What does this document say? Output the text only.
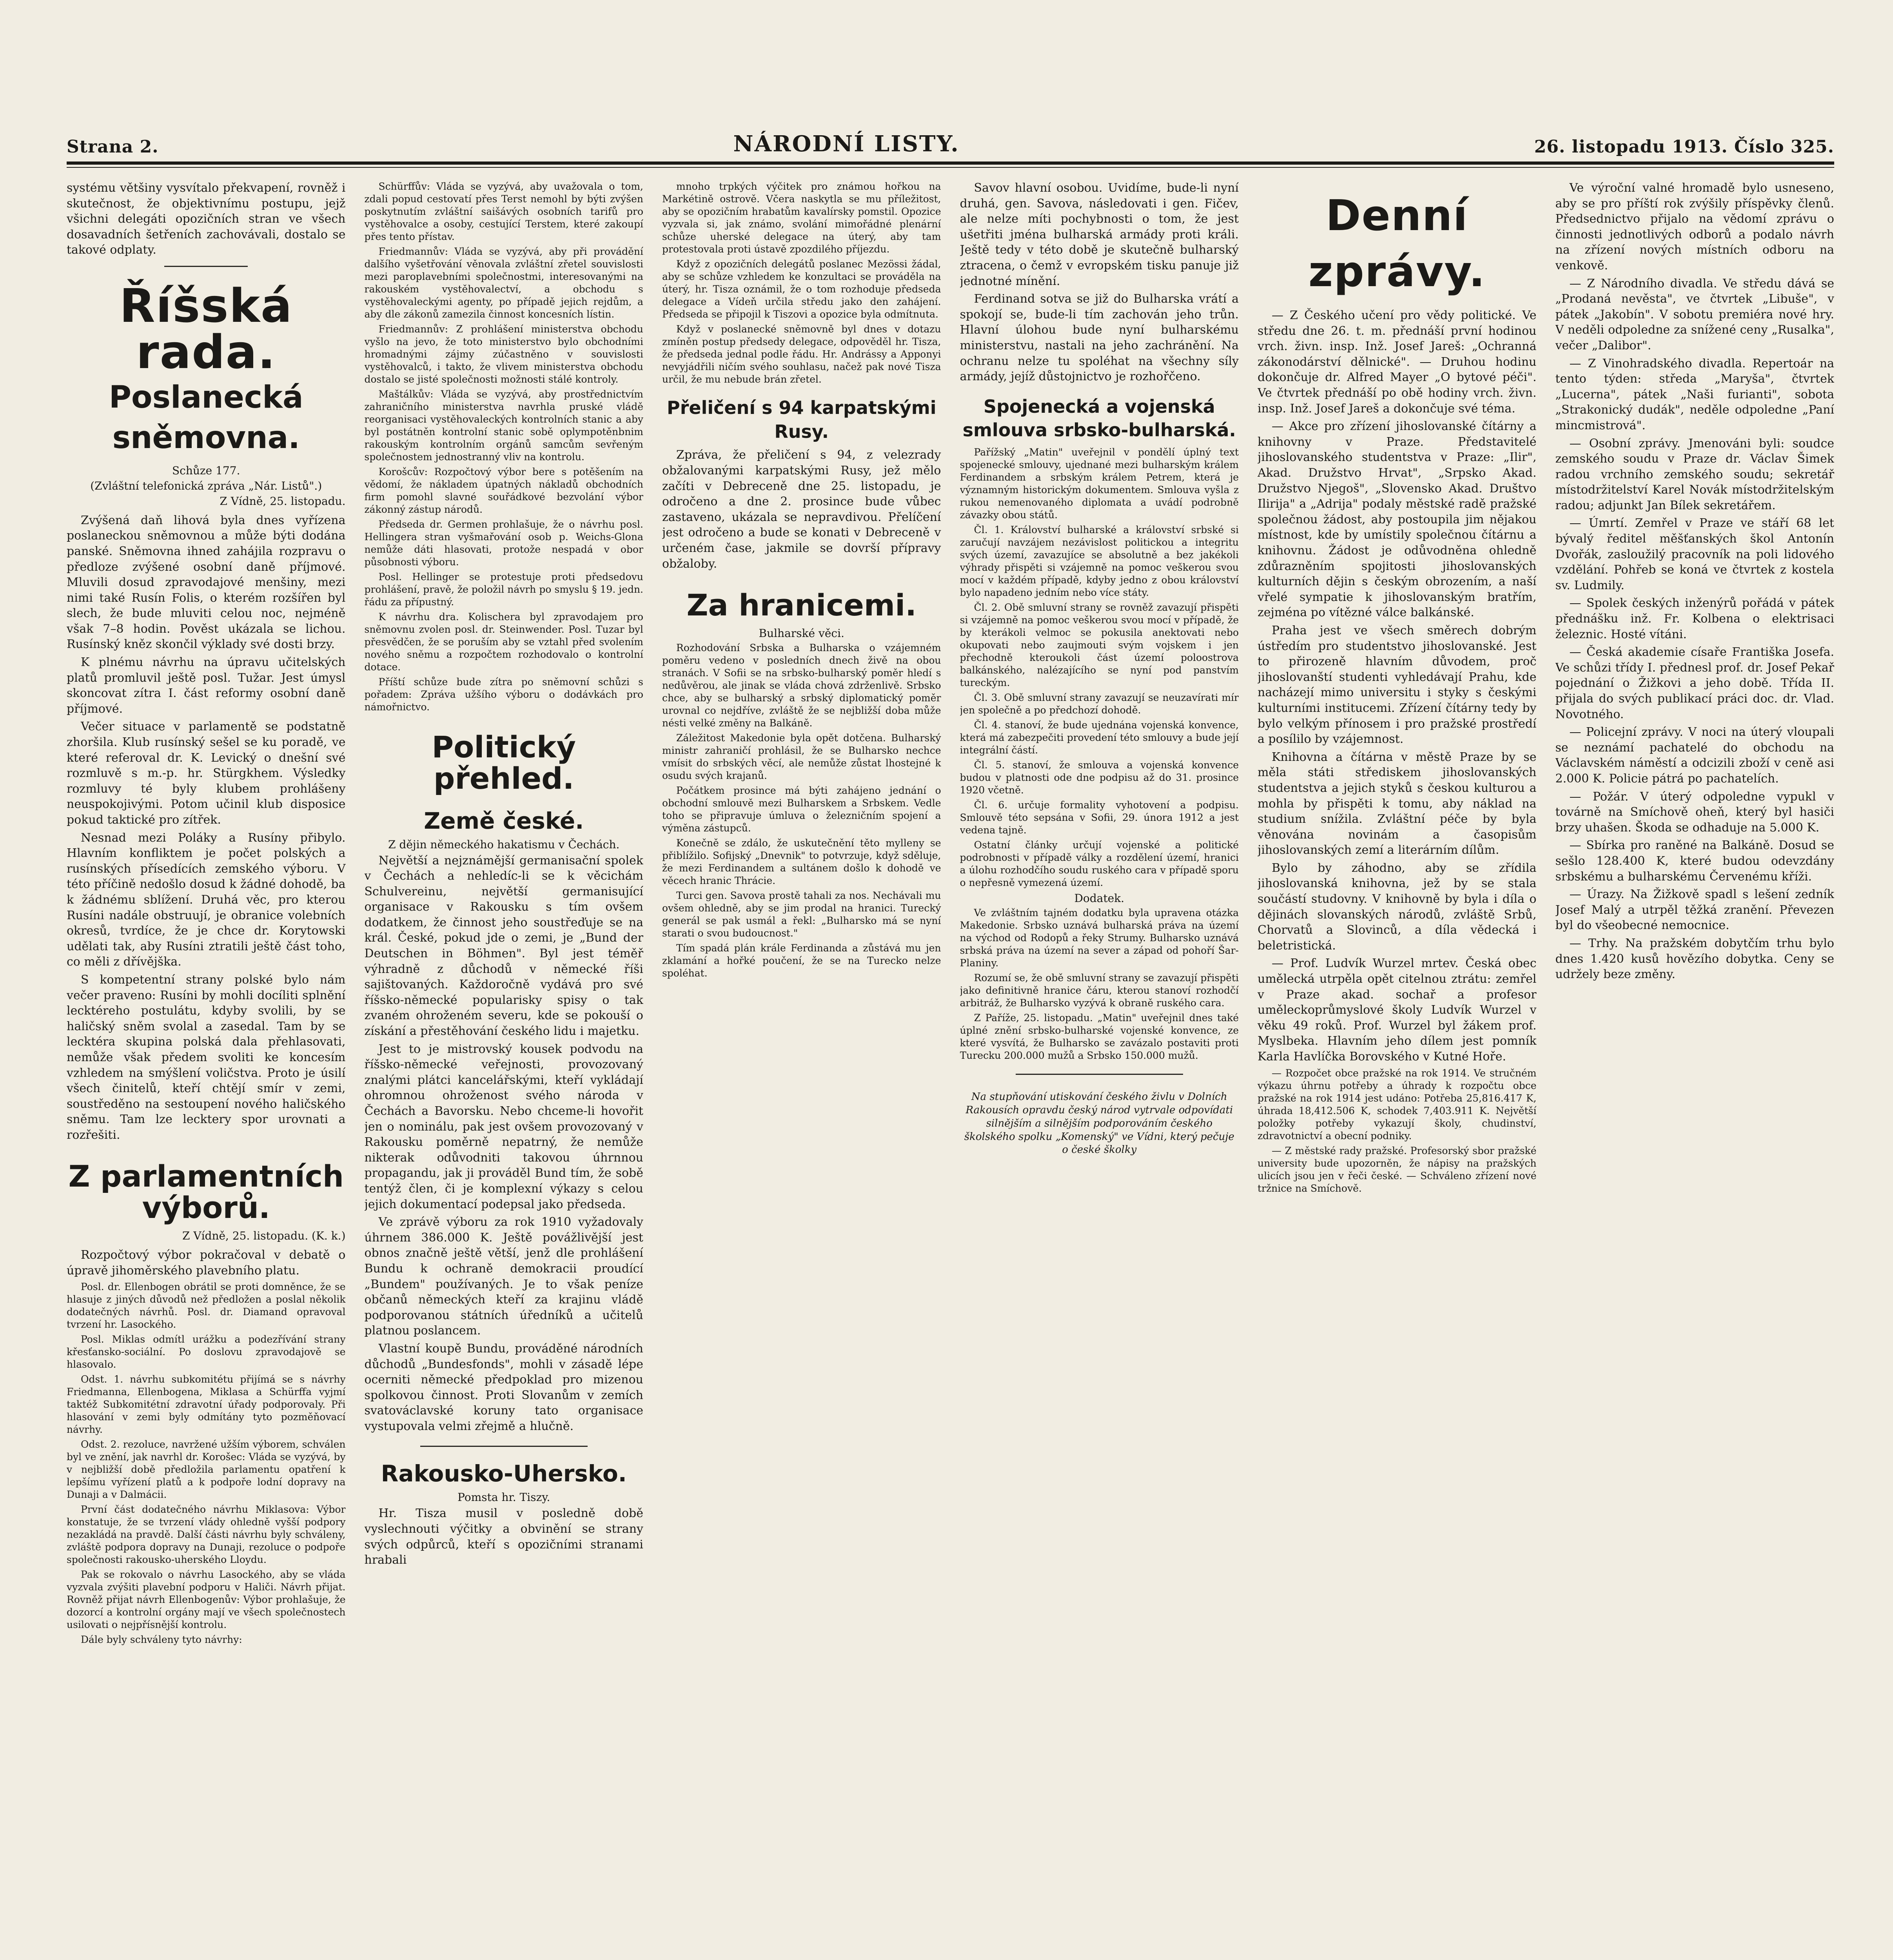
Strana 2.	NÁRODNÍ LISTY.	26. listopadu 1913. Číslo 325.

systému většiny vysvítalo překvapení, rovněž i skutečnost, že objektivnímu postupu, jejž všichni delegáti opozičních stran ve všech dosavadních šetřeních zachovávali, dostalo se takové odplaty.

Říšská rada.
Poslanecká sněmovna.
Schůze 177.
(Zvláštní telefonická zpráva „Nár. Listů".)
Z Vídně, 25. listopadu.

Zvýšená daň lihová byla dnes vyřízena poslaneckou sněmovnou a může býti dodána panské. Sněmovna ihned zahájila rozpravu o předloze zvýšené osobní daně příjmové. Mluvili dosud zpravodajové menšiny, mezi nimi také Rusín Folis, o kterém rozšířen byl slech, že bude mluviti celou noc, nejméně však 7–8 hodin. Pověst ukázala se lichou. Rusínský kněz skončil výklady své dosti brzy.

K plnému návrhu na úpravu učitelských platů promluvil ještě posl. Tužar. Jest úmysl skoncovat zítra I. část reformy osobní daně příjmové.

Večer situace v parlamentě se podstatně zhoršila. Klub rusínský sešel se ku poradě, ve které referoval dr. K. Levický o dnešní své rozmluvě s m.-p. hr. Stürgkhem. Výsledky rozmluvy té byly klubem prohlášeny neuspokojivými. Potom učinil klub disposice pokud taktické pro zítřek.

Nesnad mezi Poláky a Rusíny přibylo. Hlavním konfliktem je počet polských a rusínských přísedících zemského výboru. V této příčině nedošlo dosud k žádné dohodě, ba k žádnému sblížení. Druhá věc, pro kterou Rusíni nadále obstruují, je obranice volebních okresů, tvrdíce, že je chce dr. Korytowski udělati tak, aby Rusíni ztratili ještě část toho, co měli z dřívějška.

S kompetentní strany polské bylo nám večer praveno: Rusíni by mohli docíliti splnění lecktéreho postulátu, kdyby svolili, by se haličský sněm svolal a zasedal. Tam by se lecktéra skupina polská dala přehlasovati, nemůže však předem svoliti ke koncesím vzhledem na smýšlení voličstva. Proto je úsilí všech činitelů, kteří chtějí smír v zemi, soustředěno na sestoupení nového haličského sněmu. Tam lze lecktery spor urovnati a rozřešiti.

Z parlamentních výborů.
Z Vídně, 25. listopadu. (K. k.)

Rozpočtový výbor pokračoval v debatě o úpravě jihoměrského plavebního platu.

Posl. dr. Ellenbogen obrátil se proti domněnce, že se hlasuje z jiných důvodů než předložen a poslal několik dodatečných návrhů. Posl. dr. Diamand opravoval tvrzení hr. Lasockého.

Posl. Miklas odmítl urážku a podezřívání strany křesťansko-sociální. Po doslovu zpravodajově se hlasovalo.

Odst. 1. návrhu subkomitétu přijímá se s návrhy Friedmanna, Ellenbogena, Miklasa a Schürffa vyjmí taktéž Subkomitétní zdravotní úřady podporovaly. Při hlasování v zemi byly odmítány tyto pozměňovací návrhy.

Odst. 2. rezoluce, navržené užším výborem, schválen byl ve znění, jak navrhl dr. Korošec: Vláda se vyzývá, by v nejbližší době předložila parlamentu opatření k lepšímu vyřízení platů a k podpoře lodní dopravy na Dunaji a v Dalmácii.

První část dodatečného návrhu Miklasova: Výbor konstatuje, že se tvrzení vlády ohledně vyšší podpory nezakládá na pravdě. Další části návrhu byly schváleny, zvláště podpora dopravy na Dunaji, rezoluce o podpoře společnosti rakousko-uherského Lloydu.

Pak se rokovalo o návrhu Lasockého, aby se vláda vyzvala zvýšiti plavební podporu v Haliči. Návrh přijat. Rovněž přijat návrh Ellenbogenův: Výbor prohlašuje, že dozorcí a kontrolní orgány mají ve všech společnostech usilovati o nejpřísnější kontrolu.

Dále byly schváleny tyto návrhy:

Schürffův: Vláda se vyzývá, aby uvažovala o tom, zdali popud cestovatí přes Terst nemohl by býti zvýšen poskytnutím zvláštní saišávých osobních tarifů pro vystěhovalce a osoby, cestující Terstem, které zakoupí přes tento přístav.

Friedmannův: Vláda se vyzývá, aby při provádění dalšího vyšetřování věnovala zvláštní zřetel souvislosti mezi paroplavebními společnostmi, interesovanými na rakouském vystěhovalectví, a obchodu s vystěhovaleckými agenty, po případě jejich rejdům, a aby dle zákonů zamezila činnost koncesních lístin.

Friedmannův: Z prohlášení ministerstva obchodu vyšlo na jevo, že toto ministerstvo bylo obchodními hromadnými zájmy zúčastněno v souvislosti vystěhovalců, i takto, že vlivem ministerstva obchodu dostalo se jisté společnosti možnosti stálé kontroly.

Maštálkův: Vláda se vyzývá, aby prostřednictvím zahraničního ministerstva navrhla pruské vládě reorganisaci vystěhovaleckých kontrolních stanic a aby byl postátněn kontrolní stanic sobě oplympotěnbnim rakouským kontrolním orgánů samcům sevřeným společnostem jednostranný vliv na kontrolu.

Korošcův: Rozpočtový výbor bere s potěšením na vědomí, že nákladem úpatných nákladů obchodních firm pomohl slavné souřádkové bezvolání výbor zákonný zástup národů.

Předseda dr. Germen prohlašuje, že o návrhu posl. Hellingera stran vyšmařování osob p. Weichs-Glona nemůže dáti hlasovati, protože nespadá v obor působnosti výboru.

Posl. Hellinger se protestuje proti předsedovu prohlášení, pravě, že položil návrh po smyslu § 19. jedn. řádu za přípustný.

K návrhu dra. Kolischera byl zpravodajem pro sněmovnu zvolen posl. dr. Steinwender. Posl. Tuzar byl přesvědčen, že se poruším aby se vztahl před svolením nového sněmu a rozpočtem rozhodovalo o kontrolní dotace.

Příští schůze bude zítra po sněmovní schůzi s pořadem: Zpráva užšího výboru o dodávkách pro námořnictvo.

Politický přehled.
Země české.
Z dějin německého hakatismu v Čechách.

Největší a nejznámější germanisační spolek v Čechách a nehledíc-li se k věcichám Schulvereinu, největší germanisující organisace v Rakousku s tím ovšem dodatkem, že činnost jeho soustřeďuje se na král. České, pokud jde o zemi, je „Bund der Deutschen in Böhmen". Byl jest téměř výhradně z důchodů v německé říši sajištovaných. Každoročně vydává pro své říšsko-německé popularisky spisy o tak zvaném ohroženém severu, kde se pokouší o získání a přestěhování českého lidu i majetku.

Jest to je mistrovský kousek podvodu na říšsko-německé veřejnosti, provozovaný znalými plátci kancelářskými, kteří vykládají ohromnou ohroženost svého národa v Čechách a Bavorsku. Nebo chceme-li hovořit jen o nominálu, pak jest ovšem provozovaný v Rakousku poměrně nepatrný, že nemůže nikterak odůvodniti takovou úhrnnou propagandu, jak ji prováděl Bund tím, že sobě tentýž člen, či je komplexní výkazy s celou jejich dokumentací podepsal jako předseda.

Ve zprávě výboru za rok 1910 vyžadovaly úhrnem 386.000 K. Ještě povážlivější jest obnos značně ještě větší, jenž dle prohlášení Bundu k ochraně demokracii proudící „Bundem" používaných. Je to však peníze občanů německých kteří za krajinu vládě podporovanou státních úředníků a učitelů platnou poslancem.

Vlastní koupě Bundu, prováděné národních důchodů „Bundesfonds", mohli v zásadě lépe ocerniti německé předpoklad pro mizenou spolkovou činnost. Proti Slovanům v zemích svatováclavské koruny tato organisace vystupovala velmi zřejmě a hlučně.

Rakousko-Uhersko.
Pomsta hr. Tiszy.

Hr. Tisza musil v posledně době vyslechnouti výčitky a obvinění se strany svých odpůrců, kteří s opozičními stranami hrabali

mnoho trpkých výčitek pro známou hořkou na Markétině ostrově. Včera naskytla se mu příležitost, aby se opozičním hrabatům kavalírsky pomstil. Opozice vyzvala si, jak známo, svolání mimořádné plenární schůze uherské delegace na úterý, aby tam protestovala proti ústavě zpozdilého příjezdu.

Když z opozičních delegátů poslanec Mezössi žádal, aby se schůze vzhledem ke konzultaci se prováděla na úterý, hr. Tisza oznámil, že o tom rozhoduje předseda delegace a Vídeň určila středu jako den zahájení. Předseda se připojil k Tiszovi a opozice byla odmítnuta.

Když v poslanecké sněmovně byl dnes v dotazu zmíněn postup předsedy delegace, odpověděl hr. Tisza, že předseda jednal podle řádu. Hr. Andrássy a Apponyi nevyjádřili ničím svého souhlasu, načež pak nové Tisza určil, že mu nebude brán zřetel.

Přeličení s 94 karpatskými Rusy.

Zpráva, že přeličení s 94, z velezrady obžalovanými karpatskými Rusy, jež mělo začíti v Debreceně dne 25. listopadu, je odročeno a dne 2. prosince bude vůbec zastaveno, ukázala se nepravdivou. Přelíčení jest odročeno a bude se konati v Debreceně v určeném čase, jakmile se dovrší přípravy obžaloby.

Za hranicemi.
Bulharské věci.

Rozhodování Srbska a Bulharska o vzájemném poměru vedeno v posledních dnech živě na obou stranách. V Sofii se na srbsko-bulharský poměr hledí s nedůvěrou, ale jinak se vláda chová zdrženlivě. Srbsko chce, aby se bulharský a srbský diplomatický poměr urovnal co nejdříve, zvláště že se nejbližší doba může nésti velké změny na Balkáně.

Záležitost Makedonie byla opět dotčena. Bulharský ministr zahraničí prohlásil, že se Bulharsko nechce vmísit do srbských věcí, ale nemůže zůstat lhostejné k osudu svých krajanů.

Počátkem prosince má býti zahájeno jednání o obchodní smlouvě mezi Bulharskem a Srbskem. Vedle toho se připravuje úmluva o železničním spojení a výměna zástupců.

Konečně se zdálo, že uskutečnění těto mylleny se přiblížilo. Sofijský „Dnevnik" to potvrzuje, když sděluje, že mezi Ferdinandem a sultánem došlo k dohodě ve věcech hranic Thrácie.

Turci gen. Savova prostě tahali za nos. Nechávali mu ovšem ohledně, aby se jim prodal na hranici. Turecký generál se pak usmál a řekl: „Bulharsko má se nyní starati o svou budoucnost."

Tím spadá plán krále Ferdinanda a zůstává mu jen zklamání a hořké poučení, že se na Turecko nelze spoléhat.

Savov hlavní osobou. Uvidíme, bude-li nyní druhá, gen. Savova, následovati i gen. Fičev, ale nelze míti pochybnosti o tom, že jest ušetřiti jména bulharská armády proti králi. Ještě tedy v této době je skutečně bulharský ztracena, o čemž v evropském tisku panuje již jednotné mínění.

Ferdinand sotva se již do Bulharska vrátí a spokojí se, bude-li tím zachován jeho trůn. Hlavní úlohou bude nyní bulharskému ministerstvu, nastali na jeho zachránění. Na ochranu nelze tu spoléhat na všechny síly armády, jejíž důstojnictvo je rozhořčeno.

Spojenecká a vojenská smlouva srbsko-bulharská.

Pařížský „Matin" uveřejnil v pondělí úplný text spojenecké smlouvy, ujednané mezi bulharským králem Ferdinandem a srbským králem Petrem, která je významným historickým dokumentem. Smlouva vyšla z rukou nemenovaného diplomata a uvádí podrobně závazky obou států.

Čl. 1. Království bulharské a království srbské si zaručují navzájem nezávislost politickou a integritu svých území, zavazujíce se absolutně a bez jakékoli výhrady přispěti si vzájemně na pomoc veškerou svou mocí v každém případě, kdyby jedno z obou království bylo napadeno jedním nebo více státy.

Čl. 2. Obě smluvní strany se rovněž zavazují přispěti si vzájemně na pomoc veškerou svou mocí v případě, že by kterákoli velmoc se pokusila anektovati nebo okupovati nebo zaujmouti svým vojskem i jen přechodně kteroukoli část území poloostrova balkánského, nalézajícího se nyní pod panstvím tureckým.

Čl. 3. Obě smluvní strany zavazují se neuzavírati mír jen společně a po předchozí dohodě.

Čl. 4. stanoví, že bude ujednána vojenská konvence, která má zabezpečiti provedení této smlouvy a bude její integrální částí.

Čl. 5. stanoví, že smlouva a vojenská konvence budou v platnosti ode dne podpisu až do 31. prosince 1920 včetně.

Čl. 6. určuje formality vyhotovení a podpisu. Smlouvě této sepsána v Sofii, 29. února 1912 a jest vedena tajně.

Ostatní články určují vojenské a politické podrobnosti v případě války a rozdělení území, hranici a úlohu rozhodčího soudu ruského cara v případě sporu o nepřesně vymezená území.

Dodatek.

Ve zvláštním tajném dodatku byla upravena otázka Makedonie. Srbsko uznává bulharská práva na území na východ od Rodopů a řeky Strumy. Bulharsko uznává srbská práva na území na sever a západ od pohoří Šar-Planiny.

Rozumí se, že obě smluvní strany se zavazují přispěti jako definitivně hranice čáru, kterou stanoví rozhodčí arbitráž, že Bulharsko vyzývá k obraně ruského cara.

Z Paříže, 25. listopadu. „Matin" uveřejnil dnes také úplné znění srbsko-bulharské vojenské konvence, ze které vysvítá, že Bulharsko se zavázalo postaviti proti Turecku 200.000 mužů a Srbsko 150.000 mužů.

Na stupňování utiskování českého živlu v Dolních Rakousích opravdu český národ vytrvale odpovídati silnějším a silnějším podporováním českého školského spolku „Komenský" ve Vídni, který pečuje o české školky
Denní zprávy.

— Z Českého učení pro vědy politické. Ve středu dne 26. t. m. přednáší první hodinou vrch. živn. insp. Inž. Josef Jareš: „Ochranná zákonodárství dělnické". — Druhou hodinu dokončuje dr. Alfred Mayer „O bytové péči". Ve čtvrtek přednáší po obě hodiny vrch. živn. insp. Inž. Josef Jareš a dokončuje své téma.

— Akce pro zřízení jihoslovanské čítárny a knihovny v Praze. Představitelé jihoslovanského studentstva v Praze: „Ilir", Akad. Družstvo Hrvat", „Srpsko Akad. Družstvo Njegoš", „Slovensko Akad. Društvo Ilirija" a „Adrija" podaly městské radě pražské společnou žádost, aby postoupila jim nějakou místnost, kde by umístily společnou čítárnu a knihovnu. Žádost je odůvodněna ohledně zdůrazněním spojitosti jihoslovanských kulturních dějin s českým obrozením, a naší vřelé sympatie k jihoslovanským bratřím, zejména po vítězné válce balkánské.

Praha jest ve všech směrech dobrým ústředím pro studentstvo jihoslovanské. Jest to přirozeně hlavním důvodem, proč jihoslovanští studenti vyhledávají Prahu, kde nacházejí mimo universitu i styky s českými kulturními institucemi. Zřízení čítárny tedy by bylo velkým přínosem i pro pražské prostředí a posílilo by vzájemnost.

Knihovna a čítárna v městě Praze by se měla státi střediskem jihoslovanských studentstva a jejich styků s českou kulturou a mohla by přispěti k tomu, aby náklad na studium snížila. Zvláštní péče by byla věnována novinám a časopisům jihoslovanských zemí a literárním dílům.

Bylo by záhodno, aby se zřídila jihoslovanská knihovna, jež by se stala součástí studovny. V knihovně by byla i díla o dějinách slovanských národů, zvláště Srbů, Chorvatů a Slovinců, a díla vědecká i beletristická.

— Prof. Ludvík Wurzel mrtev. Česká obec umělecká utrpěla opět citelnou ztrátu: zemřel v Praze akad. sochař a profesor uměleckoprůmyslové školy Ludvík Wurzel v věku 49 roků. Prof. Wurzel byl žákem prof. Myslbeka. Hlavním jeho dílem jest pomník Karla Havlíčka Borovského v Kutné Hoře.

— Rozpočet obce pražské na rok 1914. Ve stručném výkazu úhrnu potřeby a úhrady k rozpočtu obce pražské na rok 1914 jest udáno: Potřeba 25,816.417 K, úhrada 18,412.506 K, schodek 7,403.911 K. Největší položky potřeby vykazují školy, chudinství, zdravotnictví a obecní podniky.

— Z městské rady pražské. Profesorský sbor pražské university bude upozorněn, že nápisy na pražských ulicích jsou jen v řeči české. — Schváleno zřízení nové tržnice na Smíchově.

Ve výroční valné hromadě bylo usneseno, aby se pro příští rok zvýšily příspěvky členů. Předsednictvo přijalo na vědomí zprávu o činnosti jednotlivých odborů a podalo návrh na zřízení nových místních odboru na venkově.

— Z Národního divadla. Ve středu dává se „Prodaná nevěsta", ve čtvrtek „Libuše", v pátek „Jakobín". V sobotu premiéra nové hry. V neděli odpoledne za snížené ceny „Rusalka", večer „Dalibor".

— Z Vinohradského divadla. Repertoár na tento týden: středa „Maryša", čtvrtek „Lucerna", pátek „Naši furianti", sobota „Strakonický dudák", neděle odpoledne „Paní mincmistrová".

— Osobní zprávy. Jmenováni byli: soudce zemského soudu v Praze dr. Václav Šimek radou vrchního zemského soudu; sekretář místodržitelství Karel Novák místodržitelským radou; adjunkt Jan Bílek sekretářem.

— Úmrtí. Zemřel v Praze ve stáří 68 let bývalý ředitel měšťanských škol Antonín Dvořák, zasloužilý pracovník na poli lidového vzdělání. Pohřeb se koná ve čtvrtek z kostela sv. Ludmily.

— Spolek českých inženýrů pořádá v pátek přednášku inž. Fr. Kolbena o elektrisaci železnic. Hosté vítáni.

— Česká akademie císaře Františka Josefa. Ve schůzi třídy I. přednesl prof. dr. Josef Pekař pojednání o Žižkovi a jeho době. Třída II. přijala do svých publikací práci doc. dr. Vlad. Novotného.

— Policejní zprávy. V noci na úterý vloupali se neznámí pachatelé do obchodu na Václavském náměstí a odcizili zboží v ceně asi 2.000 K. Policie pátrá po pachatelích.

— Požár. V úterý odpoledne vypukl v továrně na Smíchově oheň, který byl hasiči brzy uhašen. Škoda se odhaduje na 5.000 K.

— Sbírka pro raněné na Balkáně. Dosud se sešlo 128.400 K, které budou odevzdány srbskému a bulharskému Červenému kříži.

— Úrazy. Na Žižkově spadl s lešení zedník Josef Malý a utrpěl těžká zranění. Převezen byl do všeobecné nemocnice.

— Trhy. Na pražském dobytčím trhu bylo dnes 1.420 kusů hovězího dobytka. Ceny se udržely beze změny.
